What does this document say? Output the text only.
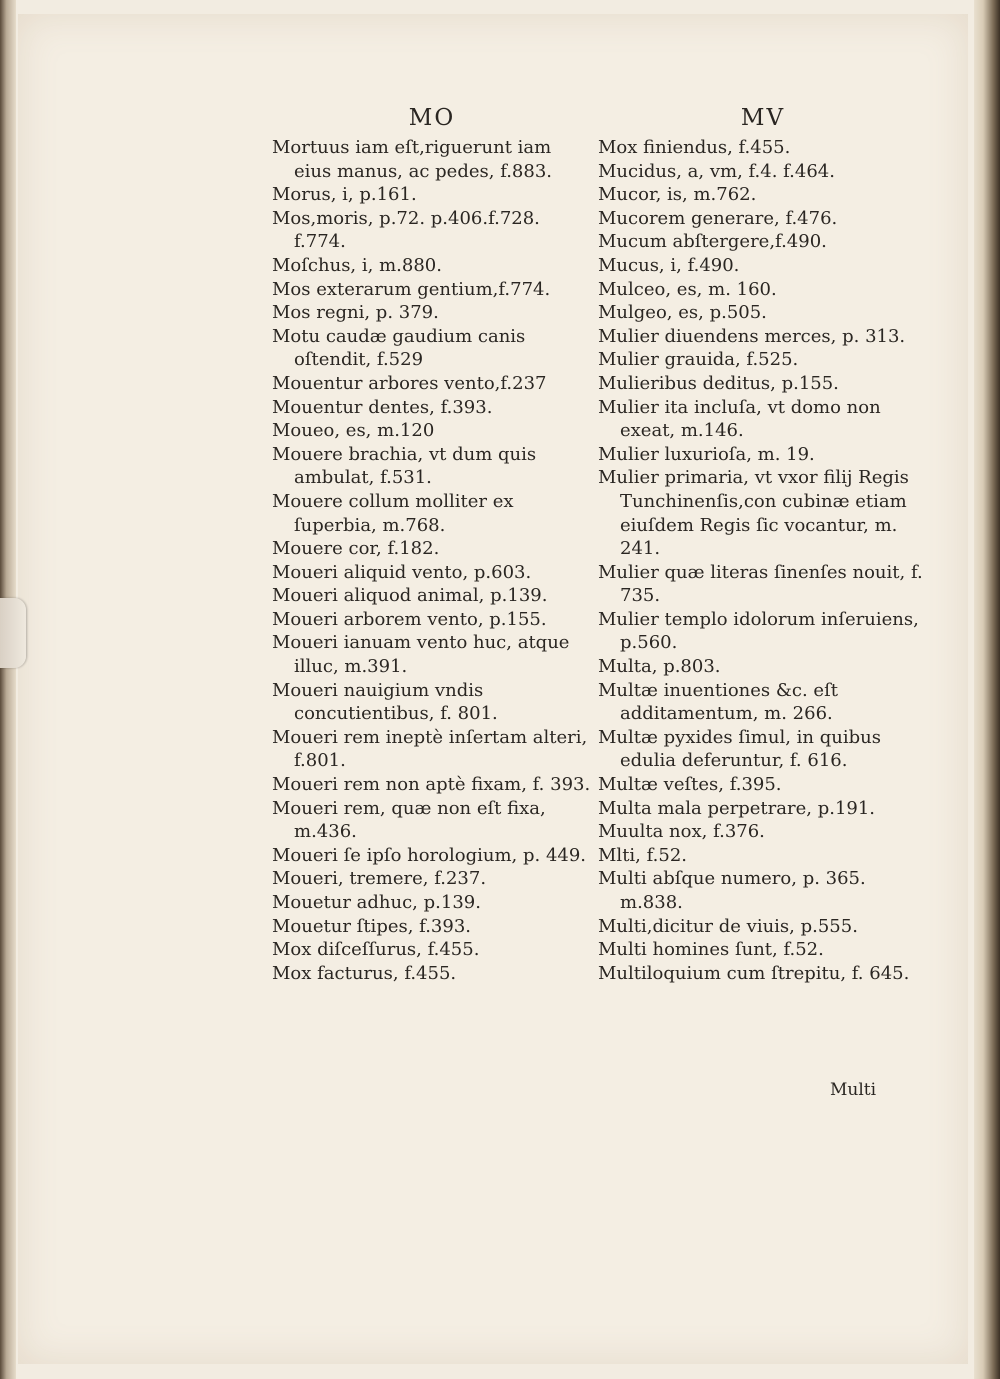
MO

Mortuus iam eſt,riguerunt iam eius manus, ac pedes, f.883.

Morus, i, p.161.

Mos,moris, p.72. p.406.f.728. f.774.

Moſchus, i, m.880.

Mos exterarum gentium,f.774.

Mos regni, p. 379.

Motu caudæ gaudium canis oſtendit, f.529

Mouentur arbores vento,f.237

Mouentur dentes, f.393.

Moueo, es, m.120

Mouere brachia, vt dum quis ambulat, f.531.

Mouere collum molliter ex ſuperbia, m.768.

Mouere cor, f.182.

Moueri aliquid vento, p.603.

Moueri aliquod animal, p.139.

Moueri arborem vento, p.155.

Moueri ianuam vento huc, atque illuc, m.391.

Moueri nauigium vndis concutientibus, f. 801.

Moueri rem ineptè inſertam alteri, f.801.

Moueri rem non aptè fixam, f. 393.

Moueri rem, quæ non eſt fixa, m.436.

Moueri ſe ipſo horologium, p. 449.

Moueri, tremere, f.237.

Mouetur adhuc, p.139.

Mouetur ſtipes, f.393.

Mox diſceſſurus, f.455.

Mox facturus, f.455.

MV

Mox finiendus, f.455.

Mucidus, a, vm, f.4. f.464.

Mucor, is, m.762.

Mucorem generare, f.476.

Mucum abſtergere,f.490.

Mucus, i, f.490.

Mulceo, es, m. 160.

Mulgeo, es, p.505.

Mulier diuendens merces, p. 313.

Mulier grauida, f.525.

Mulieribus deditus, p.155.

Mulier ita incluſa, vt domo non exeat, m.146.

Mulier luxurioſa, m. 19.

Mulier primaria, vt vxor filij Regis Tunchinenſis,con cubinæ etiam eiuſdem Regis ſic vocantur, m. 241.

Mulier quæ literas ſinenſes nouit, f. 735.

Mulier templo idolorum inſeruiens, p.560.

Multa, p.803.

Multæ inuentiones &c. eſt additamentum, m. 266.

Multæ pyxides ſimul, in quibus edulia deferuntur, f. 616.

Multæ veſtes, f.395.

Multa mala perpetrare, p.191.

Muulta nox, f.376.

Mlti, f.52.

Multi abſque numero, p. 365. m.838.

Multi,dicitur de viuis, p.555.

Multi homines ſunt, f.52.

Multiloquium cum ſtrepitu, f. 645.

Multi
